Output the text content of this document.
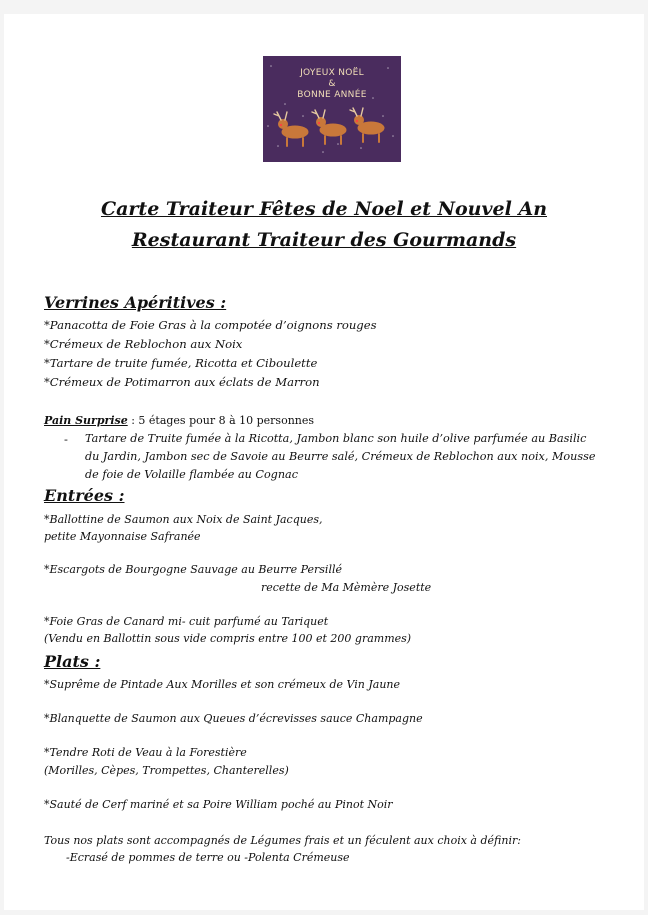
JOYEUX NOËL
&
BONNE ANNÉE
Carte Traiteur Fêtes de Noel et Nouvel An
Restaurant Traiteur des Gourmands
Verrines Apéritives :
*Panacotta de Foie Gras à la compotée d’oignons rouges
*Crémeux de Reblochon aux Noix
*Tartare de truite fumée, Ricotta et Ciboulette
*Crémeux de Potimarron aux éclats de Marron
Pain Surprise : 5 étages pour 8 à 10 personnes
- Tartare de Truite fumée à la Ricotta, Jambon blanc son huile d’olive parfumée au Basilic
du Jardin, Jambon sec de Savoie au Beurre salé, Crémeux de Reblochon aux noix, Mousse
de foie de Volaille flambée au Cognac
Entrées :
*Ballottine de Saumon aux Noix de Saint Jacques,
petite Mayonnaise Safranée
*Escargots de Bourgogne Sauvage au Beurre Persillé
recette de Ma Mèmère Josette
*Foie Gras de Canard mi- cuit parfumé au Tariquet
(Vendu en Ballottin sous vide compris entre 100 et 200 grammes)
Plats :
*Suprême de Pintade Aux Morilles et son crémeux de Vin Jaune
*Blanquette de Saumon aux Queues d’écrevisses sauce Champagne
*Tendre Roti de Veau à la Forestière
(Morilles, Cèpes, Trompettes, Chanterelles)
*Sauté de Cerf mariné et sa Poire William poché au Pinot Noir
Tous nos plats sont accompagnés de Légumes frais et un féculent aux choix à définir:
-Ecrasé de pommes de terre ou -Polenta Crémeuse
